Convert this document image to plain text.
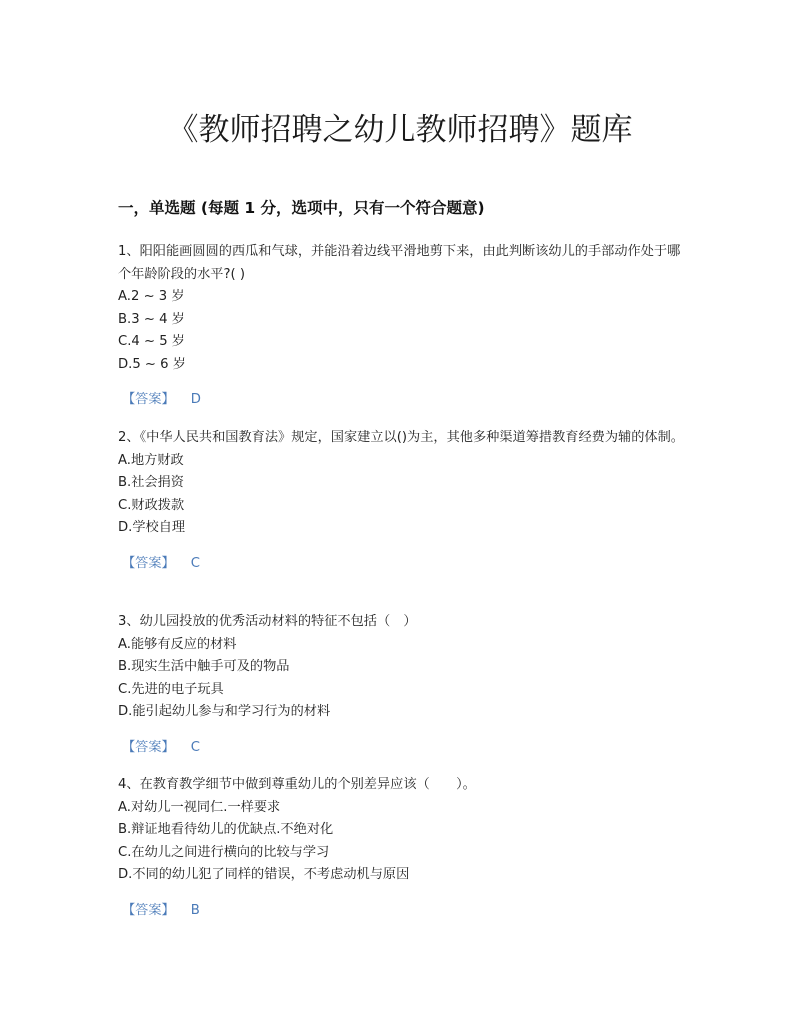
《教师招聘之幼儿教师招聘》题库
一，单选题 (每题 1 分，选项中，只有一个符合题意)

1、阳阳能画圆圆的西瓜和气球，并能沿着边线平滑地剪下来，由此判断该幼儿的手部动作处于哪个年龄阶段的水平?( )

A.2 ~ 3 岁

B.3 ~ 4 岁

C.4 ~ 5 岁

D.5 ~ 6 岁

【答案】 D

2、《中华人民共和国教育法》规定，国家建立以()为主，其他多种渠道筹措教育经费为辅的体制。

A.地方财政

B.社会捐资

C.财政拨款

D.学校自理

【答案】 C

3、幼儿园投放的优秀活动材料的特征不包括（　）

A.能够有反应的材料

B.现实生活中触手可及的物品

C.先进的电子玩具

D.能引起幼儿参与和学习行为的材料

【答案】 C

4、在教育教学细节中做到尊重幼儿的个别差异应该（　　）。

A.对幼儿一视同仁.一样要求

B.辩证地看待幼儿的优缺点.不绝对化

C.在幼儿之间进行横向的比较与学习

D.不同的幼儿犯了同样的错误，不考虑动机与原因

【答案】 B
